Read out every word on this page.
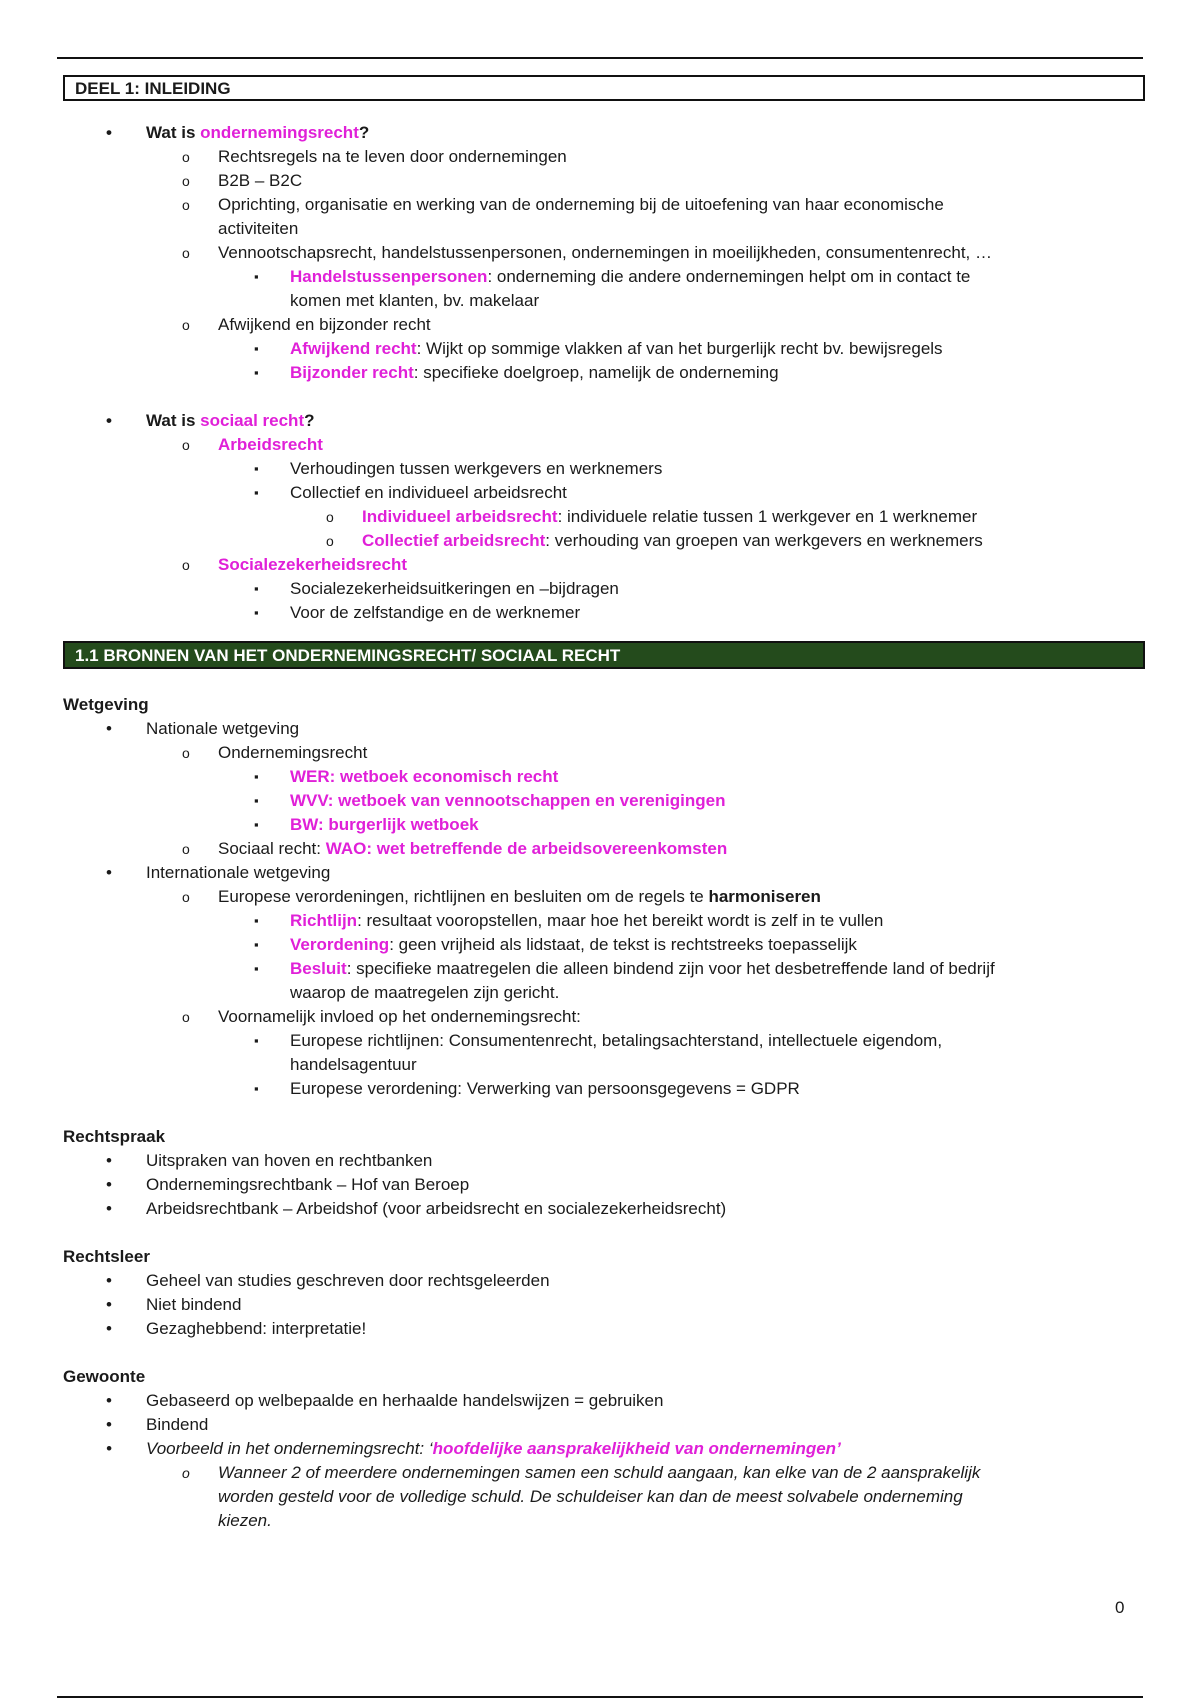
DEEL 1: INLEIDING
• Wat is ondernemingsrecht?
o Rechtsregels na te leven door ondernemingen
o B2B – B2C
o Oprichting, organisatie en werking van de onderneming bij de uitoefening van haar economische
activiteiten
o Vennootschapsrecht, handelstussenpersonen, ondernemingen in moeilijkheden, consumentenrecht, …
▪ Handelstussenpersonen: onderneming die andere ondernemingen helpt om in contact te
komen met klanten, bv. makelaar
o Afwijkend en bijzonder recht
▪ Afwijkend recht: Wijkt op sommige vlakken af van het burgerlijk recht bv. bewijsregels
▪ Bijzonder recht: specifieke doelgroep, namelijk de onderneming
• Wat is sociaal recht?
o Arbeidsrecht
▪ Verhoudingen tussen werkgevers en werknemers
▪ Collectief en individueel arbeidsrecht
o Individueel arbeidsrecht: individuele relatie tussen 1 werkgever en 1 werknemer
o Collectief arbeidsrecht: verhouding van groepen van werkgevers en werknemers
o Socialezekerheidsrecht
▪ Socialezekerheidsuitkeringen en –bijdragen
▪ Voor de zelfstandige en de werknemer
1.1 BRONNEN VAN HET ONDERNEMINGSRECHT/ SOCIAAL RECHT
Wetgeving
• Nationale wetgeving
o Ondernemingsrecht
▪ WER: wetboek economisch recht
▪ WVV: wetboek van vennootschappen en verenigingen
▪ BW: burgerlijk wetboek
o Sociaal recht: WAO: wet betreffende de arbeidsovereenkomsten
• Internationale wetgeving
o Europese verordeningen, richtlijnen en besluiten om de regels te harmoniseren
▪ Richtlijn: resultaat vooropstellen, maar hoe het bereikt wordt is zelf in te vullen
▪ Verordening: geen vrijheid als lidstaat, de tekst is rechtstreeks toepasselijk
▪ Besluit: specifieke maatregelen die alleen bindend zijn voor het desbetreffende land of bedrijf
waarop de maatregelen zijn gericht.
o Voornamelijk invloed op het ondernemingsrecht:
▪ Europese richtlijnen: Consumentenrecht, betalingsachterstand, intellectuele eigendom,
handelsagentuur
▪ Europese verordening: Verwerking van persoonsgegevens = GDPR
Rechtspraak
• Uitspraken van hoven en rechtbanken
• Ondernemingsrechtbank – Hof van Beroep
• Arbeidsrechtbank – Arbeidshof (voor arbeidsrecht en socialezekerheidsrecht)
Rechtsleer
• Geheel van studies geschreven door rechtsgeleerden
• Niet bindend
• Gezaghebbend: interpretatie!
Gewoonte
• Gebaseerd op welbepaalde en herhaalde handelswijzen = gebruiken
• Bindend
• Voorbeeld in het ondernemingsrecht: ‘hoofdelijke aansprakelijkheid van ondernemingen’
o Wanneer 2 of meerdere ondernemingen samen een schuld aangaan, kan elke van de 2 aansprakelijk
worden gesteld voor de volledige schuld. De schuldeiser kan dan de meest solvabele onderneming
kiezen.
0
